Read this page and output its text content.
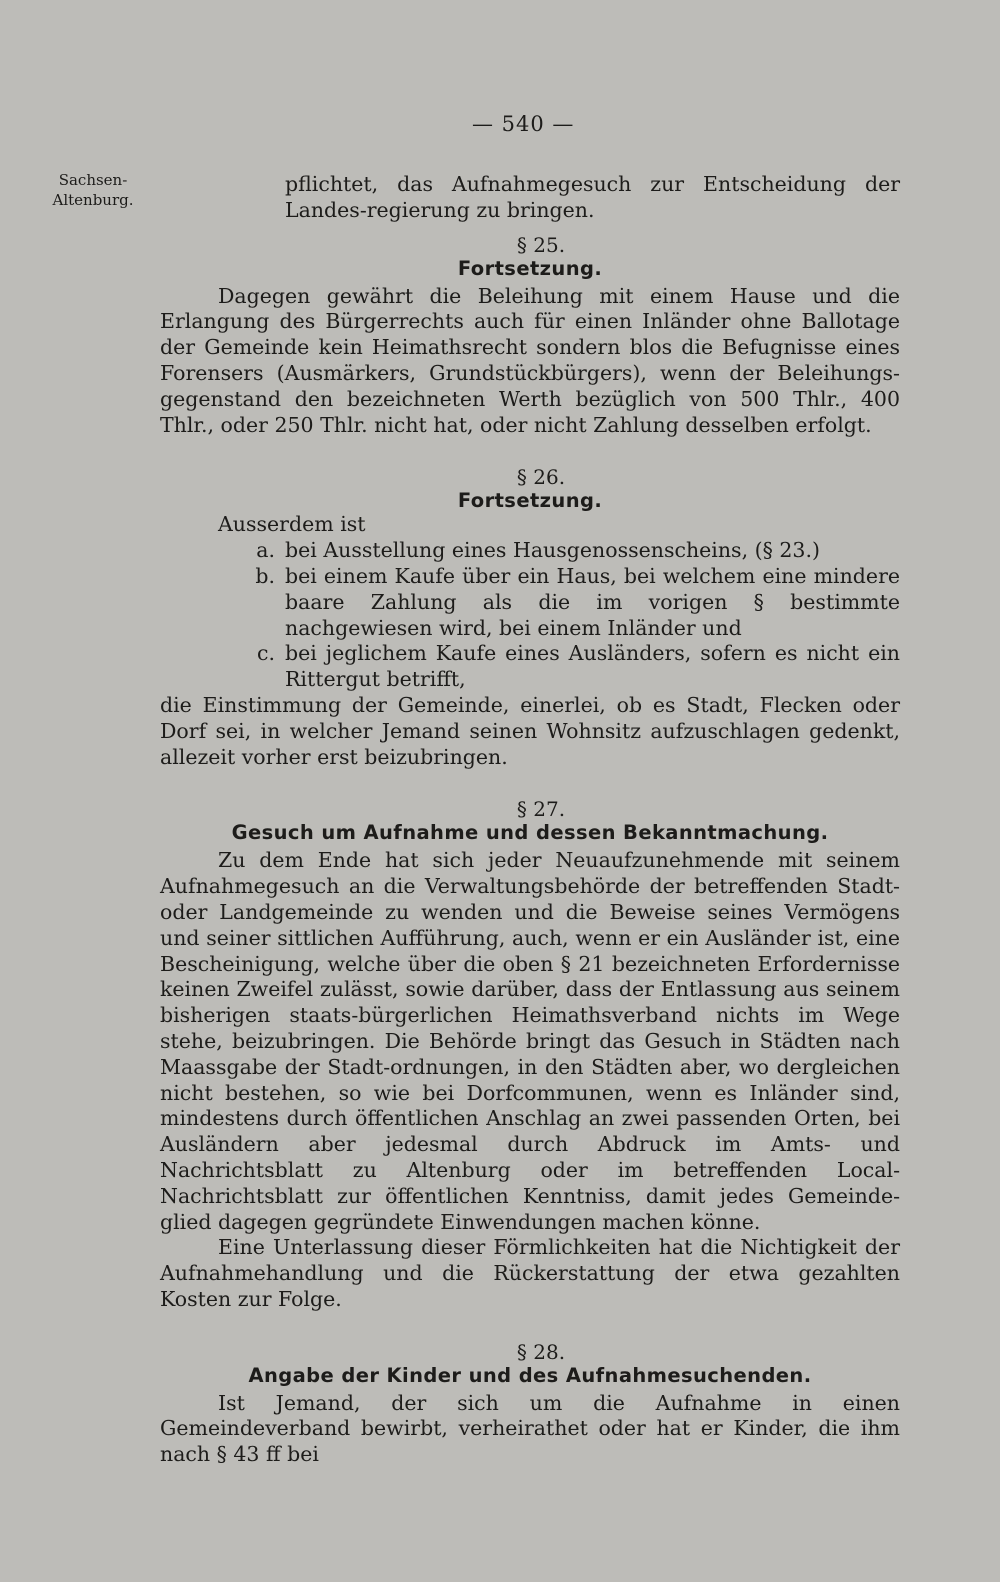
— 540 —
Sachsen-
Altenburg.

pflichtet, das Aufnahmegesuch zur Entscheidung der Landes-regierung zu bringen.

§ 25.
Fortsetzung.

Dagegen gewährt die Beleihung mit einem Hause und die Erlangung des Bürgerrechts auch für einen Inländer ohne Ballotage der Gemeinde kein Heimathsrecht sondern blos die Befugnisse eines Forensers (Ausmärkers, Grundstückbürgers), wenn der Beleihungs-gegenstand den bezeichneten Werth bezüglich von 500 Thlr., 400 Thlr., oder 250 Thlr. nicht hat, oder nicht Zahlung desselben erfolgt.

§ 26.
Fortsetzung.
Ausserdem ist
a. bei Ausstellung eines Hausgenossenscheins, (§ 23.)
b. bei einem Kaufe über ein Haus, bei welchem eine mindere baare Zahlung als die im vorigen § bestimmte nachgewiesen wird, bei einem Inländer und
c. bei jeglichem Kaufe eines Ausländers, sofern es nicht ein Rittergut betrifft,

die Einstimmung der Gemeinde, einerlei, ob es Stadt, Flecken oder Dorf sei, in welcher Jemand seinen Wohnsitz aufzuschlagen gedenkt, allezeit vorher erst beizubringen.

§ 27.
Gesuch um Aufnahme und dessen Bekanntmachung.

Zu dem Ende hat sich jeder Neuaufzunehmende mit seinem Aufnahmegesuch an die Verwaltungsbehörde der betreffenden Stadt- oder Landgemeinde zu wenden und die Beweise seines Vermögens und seiner sittlichen Aufführung, auch, wenn er ein Ausländer ist, eine Bescheinigung, welche über die oben § 21 bezeichneten Erfordernisse keinen Zweifel zulässt, sowie darüber, dass der Entlassung aus seinem bisherigen staats-bürgerlichen Heimathsverband nichts im Wege stehe, beizubringen. Die Behörde bringt das Gesuch in Städten nach Maassgabe der Stadt-ordnungen, in den Städten aber, wo dergleichen nicht bestehen, so wie bei Dorfcommunen, wenn es Inländer sind, mindestens durch öffentlichen Anschlag an zwei passenden Orten, bei Ausländern aber jedesmal durch Abdruck im Amts- und Nachrichtsblatt zu Altenburg oder im betreffenden Local-Nachrichtsblatt zur öffentlichen Kenntniss, damit jedes Gemeinde-glied dagegen gegründete Einwendungen machen könne.

Eine Unterlassung dieser Förmlichkeiten hat die Nichtigkeit der Aufnahmehandlung und die Rückerstattung der etwa gezahlten Kosten zur Folge.

§ 28.
Angabe der Kinder und des Aufnahmesuchenden.

Ist Jemand, der sich um die Aufnahme in einen Gemeindeverband bewirbt, verheirathet oder hat er Kinder, die ihm nach § 43 ff bei
